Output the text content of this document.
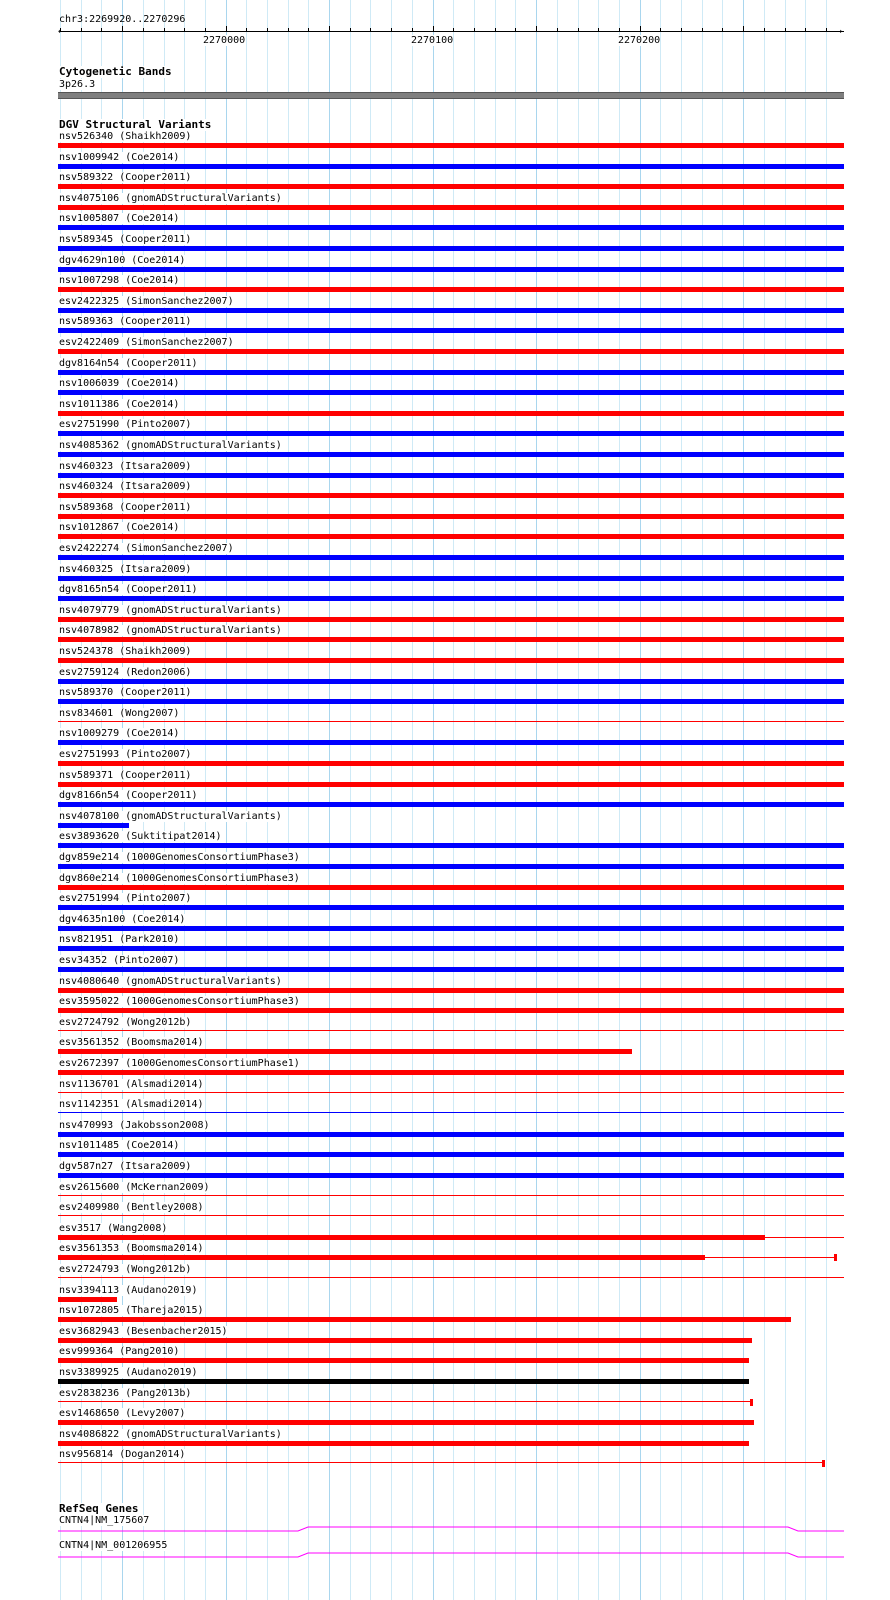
chr3:2269920..2270296
←	→
2270000	2270100	2270200
Cytogenetic Bands
3p26.3
DGV Structural Variants
nsv526340 (Shaikh2009)
nsv1009942 (Coe2014)
nsv589322 (Cooper2011)
nsv4075106 (gnomADStructuralVariants)
nsv1005807 (Coe2014)
nsv589345 (Cooper2011)
dgv4629n100 (Coe2014)
nsv1007298 (Coe2014)
esv2422325 (SimonSanchez2007)
nsv589363 (Cooper2011)
esv2422409 (SimonSanchez2007)
dgv8164n54 (Cooper2011)
nsv1006039 (Coe2014)
nsv1011386 (Coe2014)
esv2751990 (Pinto2007)
nsv4085362 (gnomADStructuralVariants)
nsv460323 (Itsara2009)
nsv460324 (Itsara2009)
nsv589368 (Cooper2011)
nsv1012867 (Coe2014)
esv2422274 (SimonSanchez2007)
nsv460325 (Itsara2009)
dgv8165n54 (Cooper2011)
nsv4079779 (gnomADStructuralVariants)
nsv4078982 (gnomADStructuralVariants)
nsv524378 (Shaikh2009)
esv2759124 (Redon2006)
nsv589370 (Cooper2011)
nsv834601 (Wong2007)
nsv1009279 (Coe2014)
esv2751993 (Pinto2007)
nsv589371 (Cooper2011)
dgv8166n54 (Cooper2011)
nsv4078100 (gnomADStructuralVariants)
esv3893620 (Suktitipat2014)
dgv859e214 (1000GenomesConsortiumPhase3)
dgv860e214 (1000GenomesConsortiumPhase3)
esv2751994 (Pinto2007)
dgv4635n100 (Coe2014)
nsv821951 (Park2010)
esv34352 (Pinto2007)
nsv4080640 (gnomADStructuralVariants)
esv3595022 (1000GenomesConsortiumPhase3)
esv2724792 (Wong2012b)
esv3561352 (Boomsma2014)
esv2672397 (1000GenomesConsortiumPhase1)
nsv1136701 (Alsmadi2014)
nsv1142351 (Alsmadi2014)
nsv470993 (Jakobsson2008)
nsv1011485 (Coe2014)
dgv587n27 (Itsara2009)
esv2615600 (McKernan2009)
esv2409980 (Bentley2008)
esv3517 (Wang2008)
esv3561353 (Boomsma2014)
esv2724793 (Wong2012b)
nsv3394113 (Audano2019)
nsv1072805 (Thareja2015)
esv3682943 (Besenbacher2015)
esv999364 (Pang2010)
nsv3389925 (Audano2019)
esv2838236 (Pang2013b)
esv1468650 (Levy2007)
nsv4086822 (gnomADStructuralVariants)
nsv956814 (Dogan2014)
RefSeq Genes
CNTN4|NM_175607
CNTN4|NM_001206955
